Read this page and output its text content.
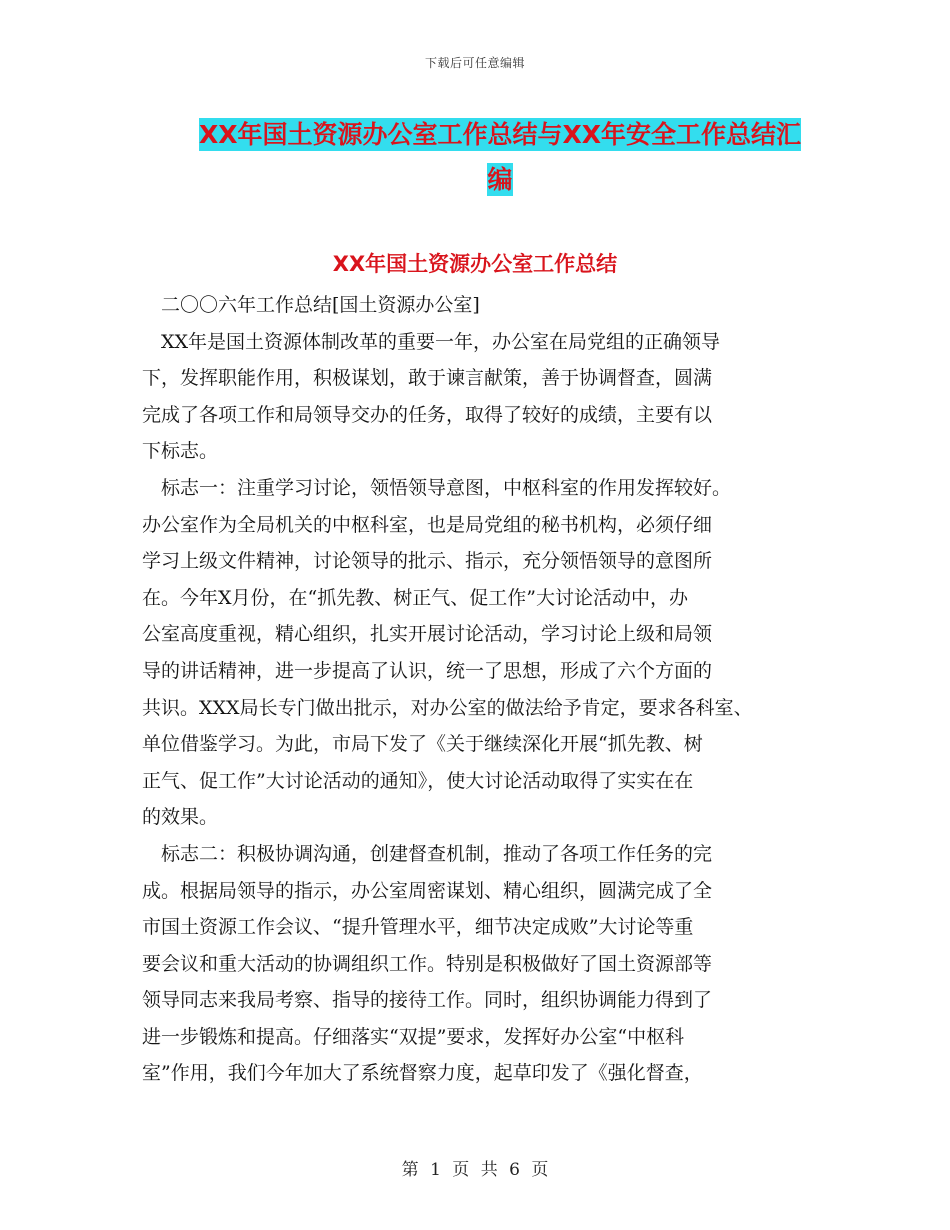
下载后可任意编辑
XX年国土资源办公室工作总结与XX年安全工作总结汇
编
XX年国土资源办公室工作总结
　二〇〇六年工作总结[国土资源办公室]
　XX年是国土资源体制改革的重要一年，办公室在局党组的正确领导
下，发挥职能作用，积极谋划，敢于谏言献策，善于协调督查，圆满
完成了各项工作和局领导交办的任务，取得了较好的成绩，主要有以
下标志。
　标志一：注重学习讨论，领悟领导意图，中枢科室的作用发挥较好。
办公室作为全局机关的中枢科室，也是局党组的秘书机构，必须仔细
学习上级文件精神，讨论领导的批示、指示，充分领悟领导的意图所
在。今年X月份，在“抓先教、树正气、促工作”大讨论活动中，办
公室高度重视，精心组织，扎实开展讨论活动，学习讨论上级和局领
导的讲话精神，进一步提高了认识，统一了思想，形成了六个方面的
共识。XXX局长专门做出批示，对办公室的做法给予肯定，要求各科室、
单位借鉴学习。为此，市局下发了《关于继续深化开展“抓先教、树
正气、促工作”大讨论活动的通知》，使大讨论活动取得了实实在在
的效果。
　标志二：积极协调沟通，创建督查机制，推动了各项工作任务的完
成。根据局领导的指示，办公室周密谋划、精心组织，圆满完成了全
市国土资源工作会议、“提升管理水平，细节决定成败”大讨论等重
要会议和重大活动的协调组织工作。特别是积极做好了国土资源部等
领导同志来我局考察、指导的接待工作。同时，组织协调能力得到了
进一步锻炼和提高。仔细落实“双提”要求，发挥好办公室“中枢科
室”作用，我们今年加大了系统督察力度，起草印发了《强化督查，
第 1 页 共 6 页
